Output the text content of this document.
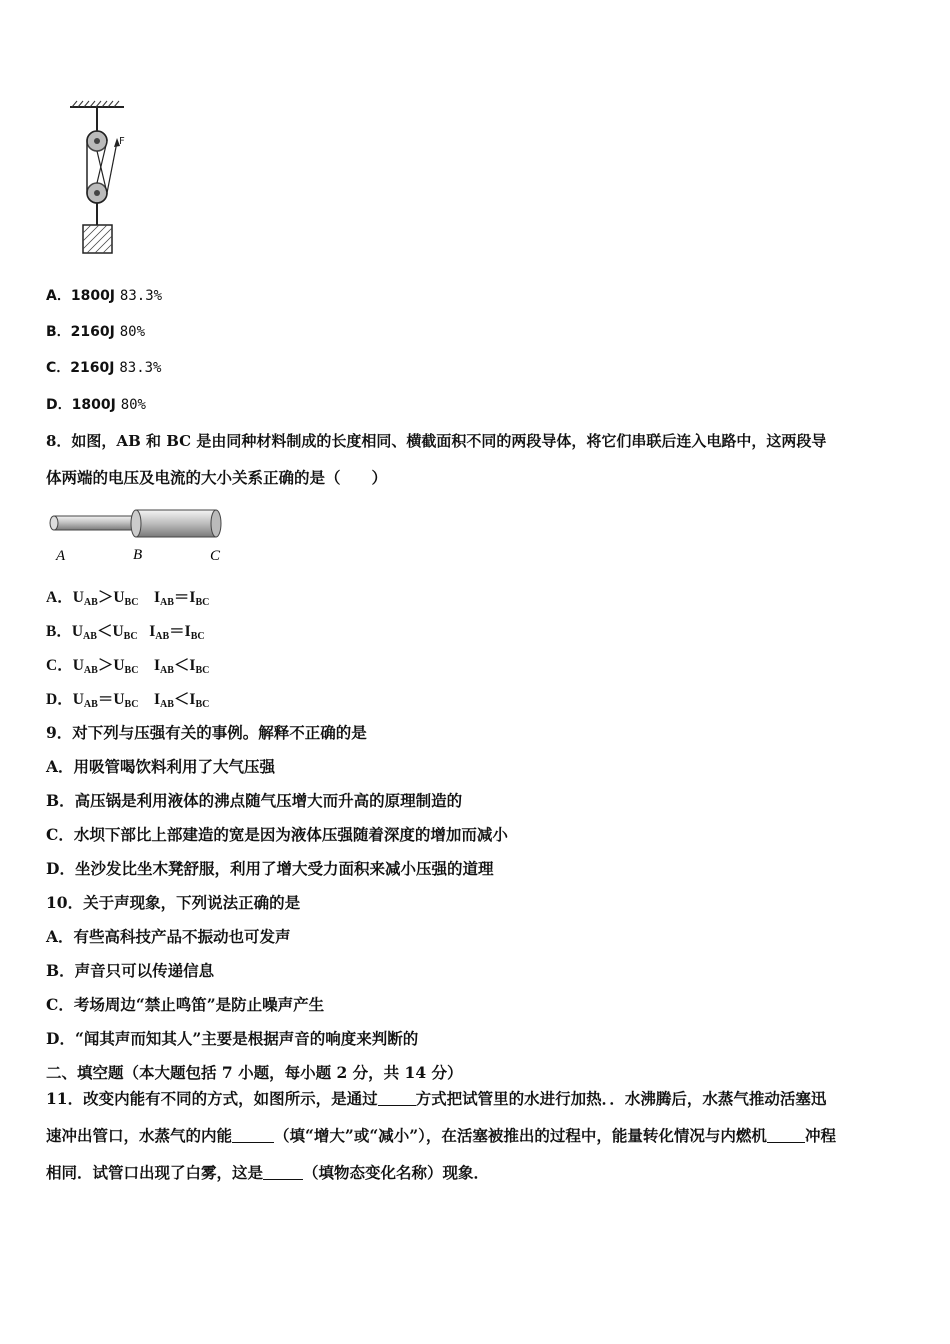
F
A．1800J 83.3%
B．2160J 80%
C．2160J 83.3%
D．1800J 80%
8．如图，AB 和 BC 是由同种材料制成的长度相同、横截面积不同的两段导体，将它们串联后连入电路中，这两段导
体两端的电压及电流的大小关系正确的是（　　）
A	B	C
A．$U_{AB}>U_{BC}$ $I_{AB}=I_{BC}$
B．$U_{AB}<U_{BC}$ $I_{AB}=I_{BC}$
C．$U_{AB}>U_{BC}$ $I_{AB}<I_{BC}$
D．$U_{AB}=U_{BC}$ $I_{AB}<I_{BC}$
9．对下列与压强有关的事例。解释不正确的是
A．用吸管喝饮料利用了大气压强
B．高压锅是利用液体的沸点随气压增大而升高的原理制造的
C．水坝下部比上部建造的宽是因为液体压强随着深度的增加而减小
D．坐沙发比坐木凳舒服，利用了增大受力面积来减小压强的道理
10．关于声现象，下列说法正确的是
A．有些高科技产品不振动也可发声
B．声音只可以传递信息
C．考场周边“禁止鸣笛”是防止噪声产生
D．“闻其声而知其人”主要是根据声音的响度来判断的
二、填空题（本大题包括 7 小题，每小题 2 分，共 14 分）
11．改变内能有不同的方式，如图所示，是通过 方式把试管里的水进行加热．．水沸腾后，水蒸气推动活塞迅
速冲出管口，水蒸气的内能	（填“增大”或“减小”），在活塞被推出的过程中，能量转化情况与内燃机 冲程
相同．试管口出现了白雾，这是	（填物态变化名称）现象．
